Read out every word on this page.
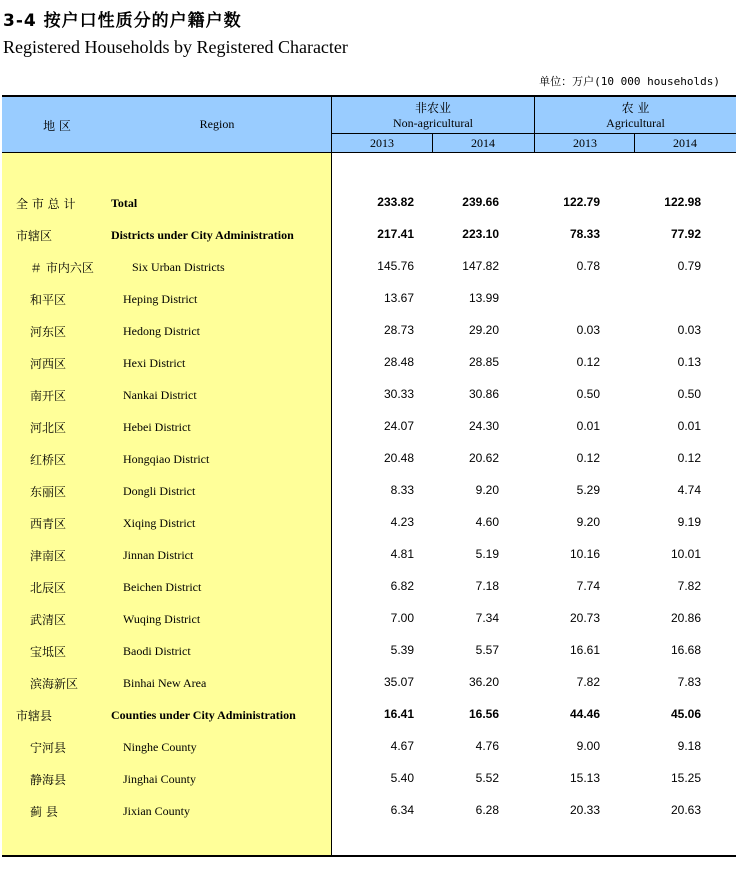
3-4 按户口性质分的户籍户数
Registered Households by Registered Character
单位：万户(10 000 households)
地 区	Region
非农业
Non-agricultural
农 业
Agricultural
2013	2014	2013	2014
全 市 总 计	Total	233.82	239.66	122.79	122.98
市辖区	Districts under City Administration	217.41	223.10	78.33	77.92
＃ 市内六区	Six Urban Districts	145.76	147.82	0.78	0.79
和平区	Heping District	13.67	13.99
河东区	Hedong District	28.73	29.20	0.03	0.03
河西区	Hexi District	28.48	28.85	0.12	0.13
南开区	Nankai District	30.33	30.86	0.50	0.50
河北区	Hebei District	24.07	24.30	0.01	0.01
红桥区	Hongqiao District	20.48	20.62	0.12	0.12
东丽区	Dongli District	8.33	9.20	5.29	4.74
西青区	Xiqing District	4.23	4.60	9.20	9.19
津南区	Jinnan District	4.81	5.19	10.16	10.01
北辰区	Beichen District	6.82	7.18	7.74	7.82
武清区	Wuqing District	7.00	7.34	20.73	20.86
宝坻区	Baodi District	5.39	5.57	16.61	16.68
滨海新区	Binhai New Area	35.07	36.20	7.82	7.83
市辖县	Counties under City Administration	16.41	16.56	44.46	45.06
宁河县	Ninghe County	4.67	4.76	9.00	9.18
静海县	Jinghai County	5.40	5.52	15.13	15.25
蓟 县	Jixian County	6.34	6.28	20.33	20.63
